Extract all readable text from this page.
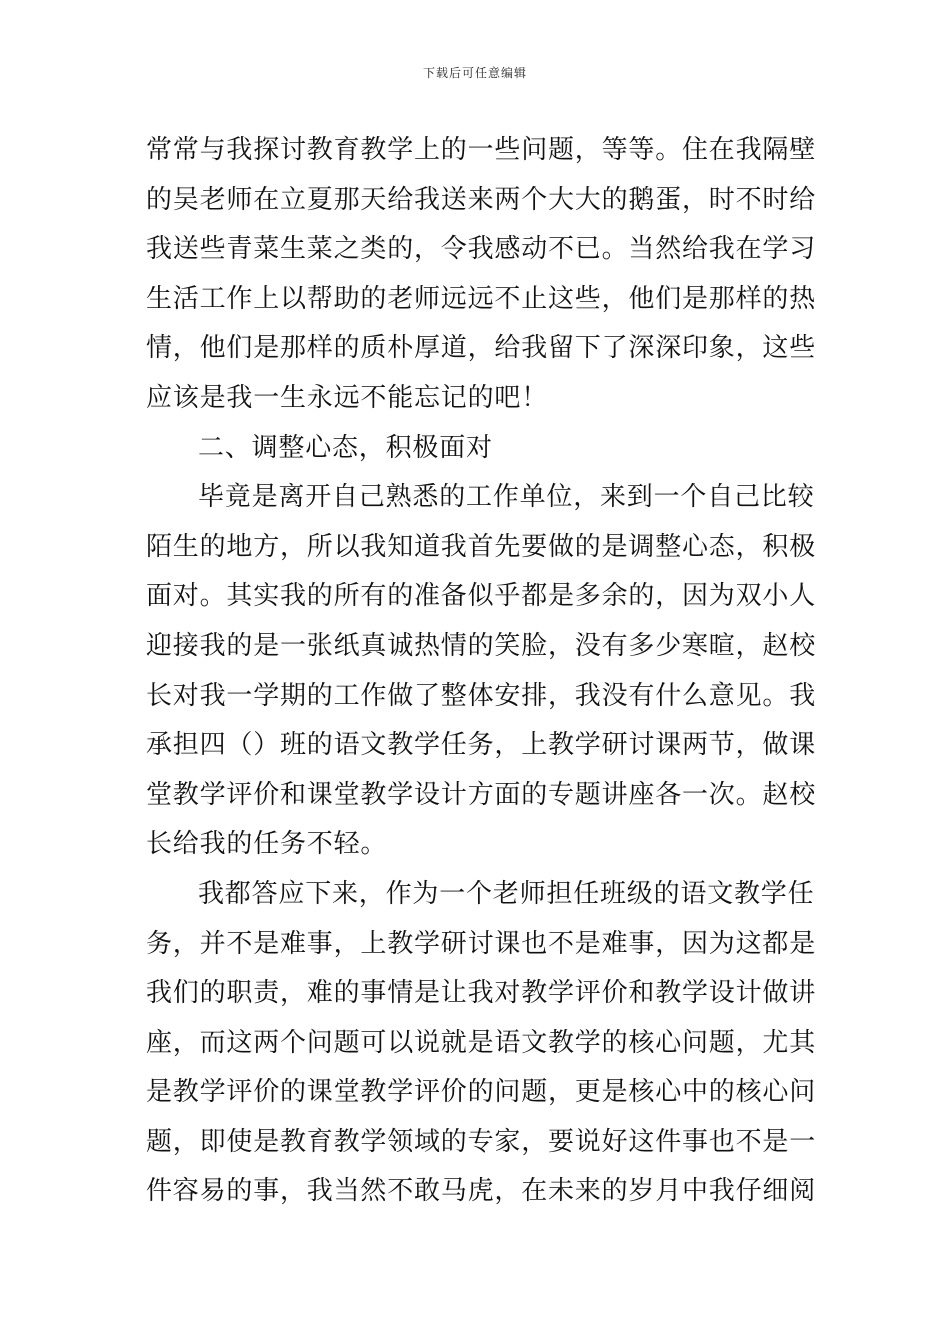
下载后可任意编辑
常常与我探讨教育教学上的一些问题，等等。住在我隔壁
的吴老师在立夏那天给我送来两个大大的鹅蛋，时不时给
我送些青菜生菜之类的，令我感动不已。当然给我在学习
生活工作上以帮助的老师远远不止这些，他们是那样的热
情，他们是那样的质朴厚道，给我留下了深深印象，这些
应该是我一生永远不能忘记的吧！
二、调整心态，积极面对
毕竟是离开自己熟悉的工作单位，来到一个自己比较
陌生的地方，所以我知道我首先要做的是调整心态，积极
面对。其实我的所有的准备似乎都是多余的，因为双小人
迎接我的是一张纸真诚热情的笑脸，没有多少寒暄，赵校
长对我一学期的工作做了整体安排，我没有什么意见。我
承担四（）班的语文教学任务，上教学研讨课两节，做课
堂教学评价和课堂教学设计方面的专题讲座各一次。赵校
长给我的任务不轻。
我都答应下来，作为一个老师担任班级的语文教学任
务，并不是难事，上教学研讨课也不是难事，因为这都是
我们的职责，难的事情是让我对教学评价和教学设计做讲
座，而这两个问题可以说就是语文教学的核心问题，尤其
是教学评价的课堂教学评价的问题，更是核心中的核心问
题，即使是教育教学领域的专家，要说好这件事也不是一
件容易的事，我当然不敢马虎，在未来的岁月中我仔细阅
